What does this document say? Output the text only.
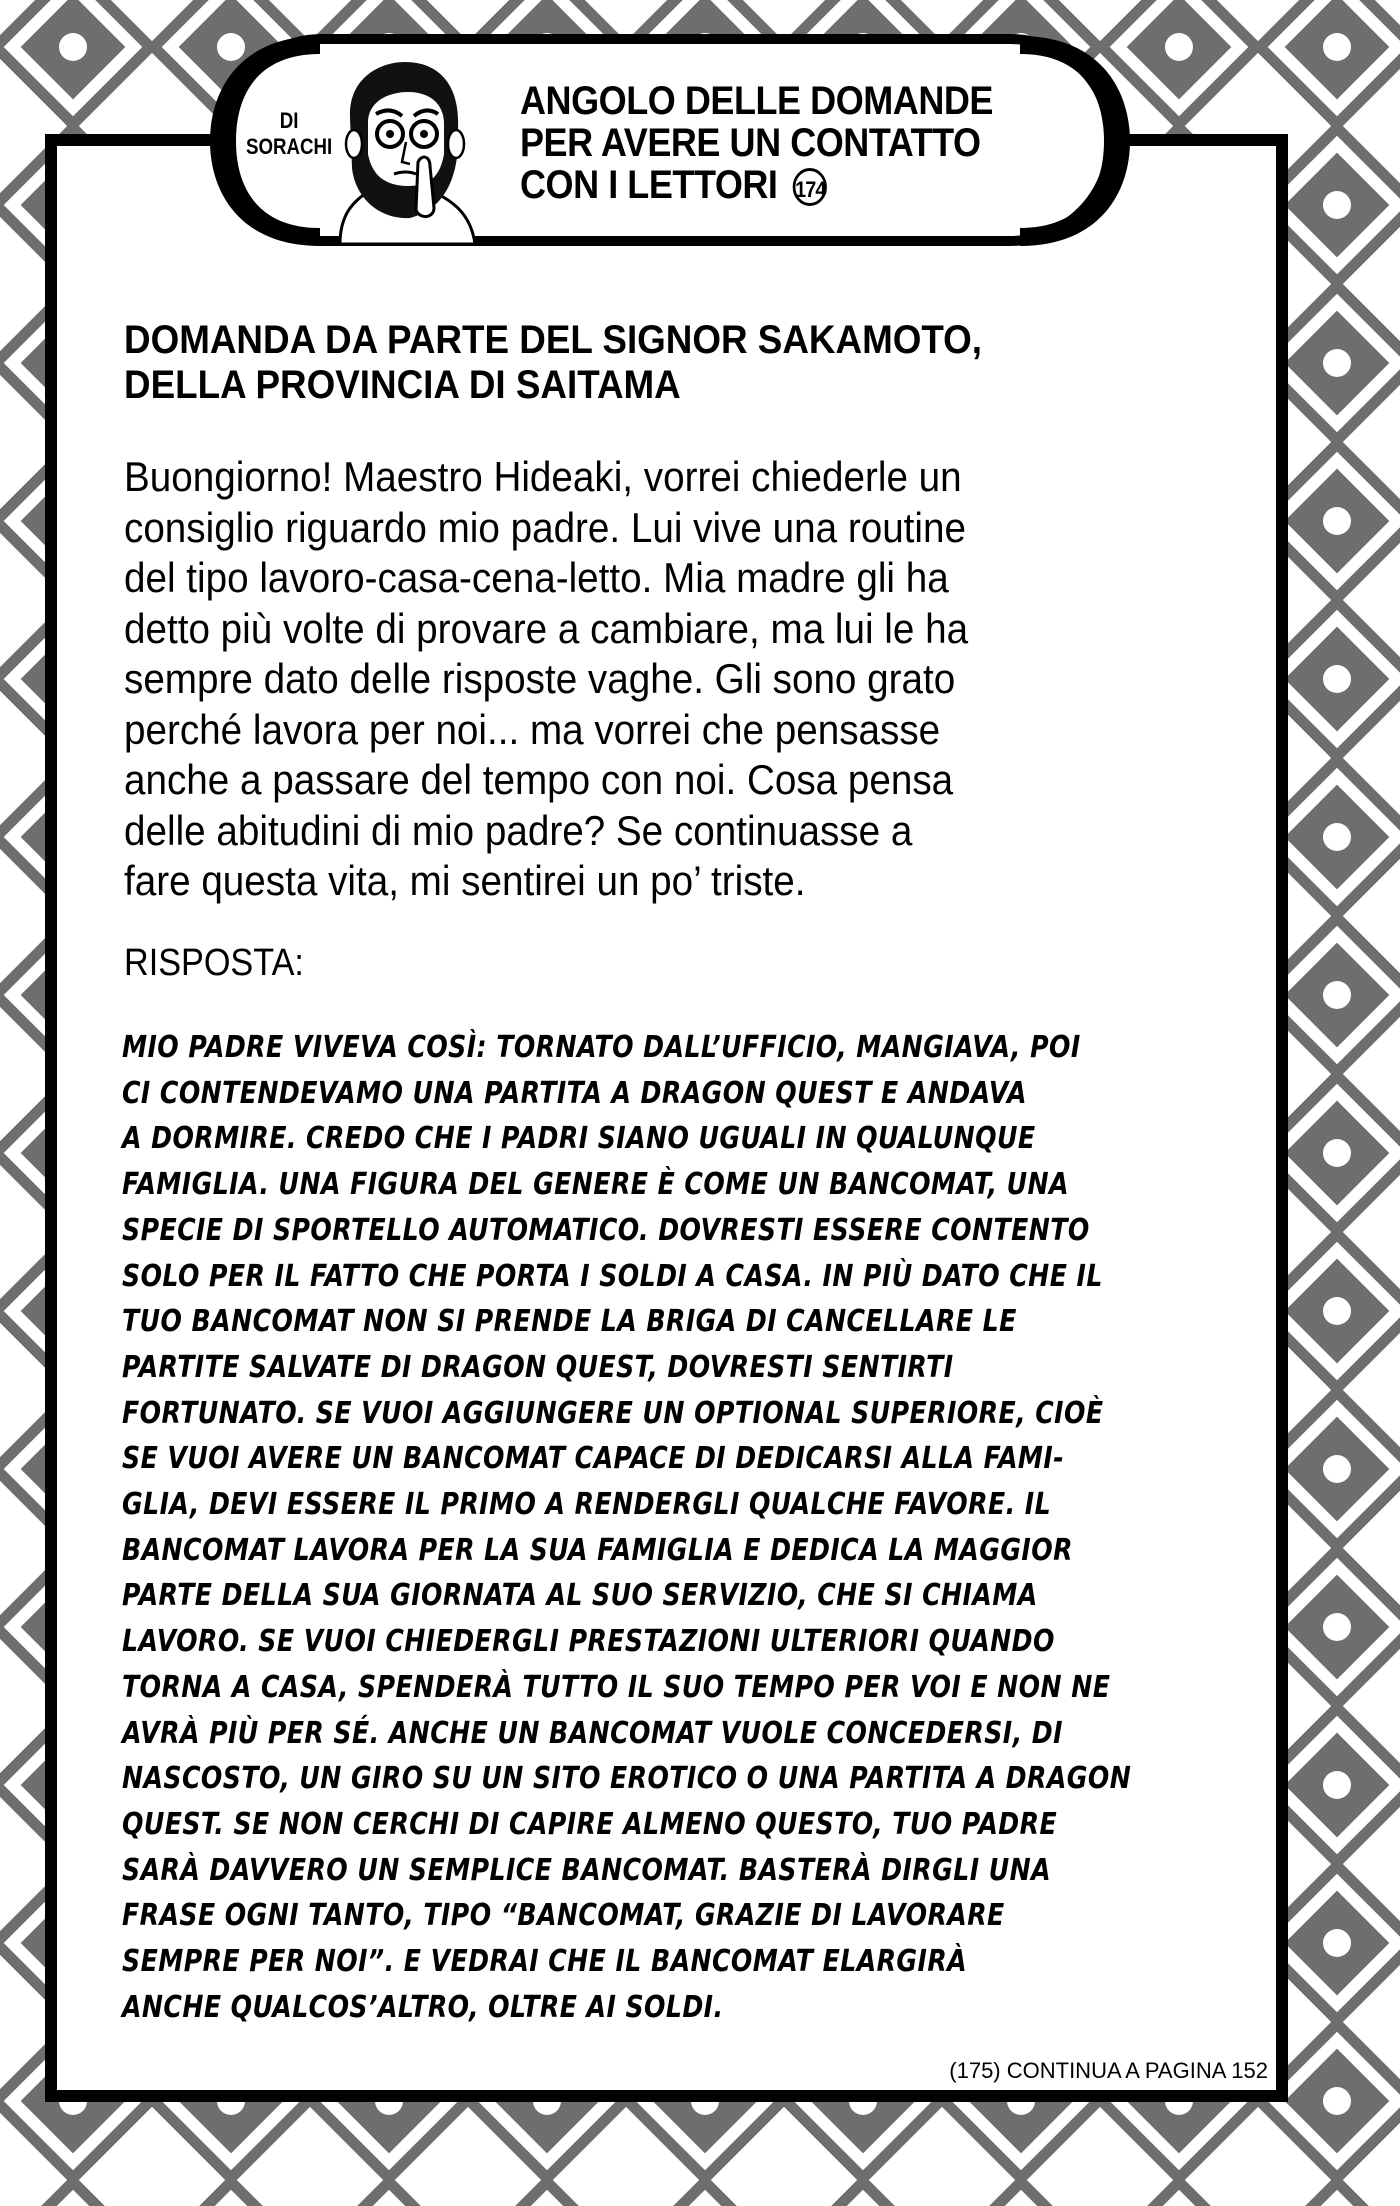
DI
SORACHI
ANGOLO DELLE DOMANDE
PER AVERE UN CONTATTO
CON I LETTORI 174
DOMANDA DA PARTE DEL SIGNOR SAKAMOTO,
DELLA PROVINCIA DI SAITAMA
Buongiorno! Maestro Hideaki, vorrei chiederle un
consiglio riguardo mio padre. Lui vive una routine
del tipo lavoro-casa-cena-letto. Mia madre gli ha
detto più volte di provare a cambiare, ma lui le ha
sempre dato delle risposte vaghe. Gli sono grato
perché lavora per noi... ma vorrei che pensasse
anche a passare del tempo con noi. Cosa pensa
delle abitudini di mio padre? Se continuasse a
fare questa vita, mi sentirei un po’ triste.
RISPOSTA:
MIO PADRE VIVEVA COSÌ: TORNATO DALL’UFFICIO, MANGIAVA, POI
CI CONTENDEVAMO UNA PARTITA A DRAGON QUEST E ANDAVA
A DORMIRE. CREDO CHE I PADRI SIANO UGUALI IN QUALUNQUE
FAMIGLIA. UNA FIGURA DEL GENERE È COME UN BANCOMAT, UNA
SPECIE DI SPORTELLO AUTOMATICO. DOVRESTI ESSERE CONTENTO
SOLO PER IL FATTO CHE PORTA I SOLDI A CASA. IN PIÙ DATO CHE IL
TUO BANCOMAT NON SI PRENDE LA BRIGA DI CANCELLARE LE
PARTITE SALVATE DI DRAGON QUEST, DOVRESTI SENTIRTI
FORTUNATO. SE VUOI AGGIUNGERE UN OPTIONAL SUPERIORE, CIOÈ
SE VUOI AVERE UN BANCOMAT CAPACE DI DEDICARSI ALLA FAMI-
GLIA, DEVI ESSERE IL PRIMO A RENDERGLI QUALCHE FAVORE. IL
BANCOMAT LAVORA PER LA SUA FAMIGLIA E DEDICA LA MAGGIOR
PARTE DELLA SUA GIORNATA AL SUO SERVIZIO, CHE SI CHIAMA
LAVORO. SE VUOI CHIEDERGLI PRESTAZIONI ULTERIORI QUANDO
TORNA A CASA, SPENDERÀ TUTTO IL SUO TEMPO PER VOI E NON NE
AVRÀ PIÙ PER SÉ. ANCHE UN BANCOMAT VUOLE CONCEDERSI, DI
NASCOSTO, UN GIRO SU UN SITO EROTICO O UNA PARTITA A DRAGON
QUEST. SE NON CERCHI DI CAPIRE ALMENO QUESTO, TUO PADRE
SARÀ DAVVERO UN SEMPLICE BANCOMAT. BASTERÀ DIRGLI UNA
FRASE OGNI TANTO, TIPO “BANCOMAT, GRAZIE DI LAVORARE
SEMPRE PER NOI”. E VEDRAI CHE IL BANCOMAT ELARGIRÀ
ANCHE QUALCOS’ALTRO, OLTRE AI SOLDI.
(175) CONTINUA A PAGINA 152
